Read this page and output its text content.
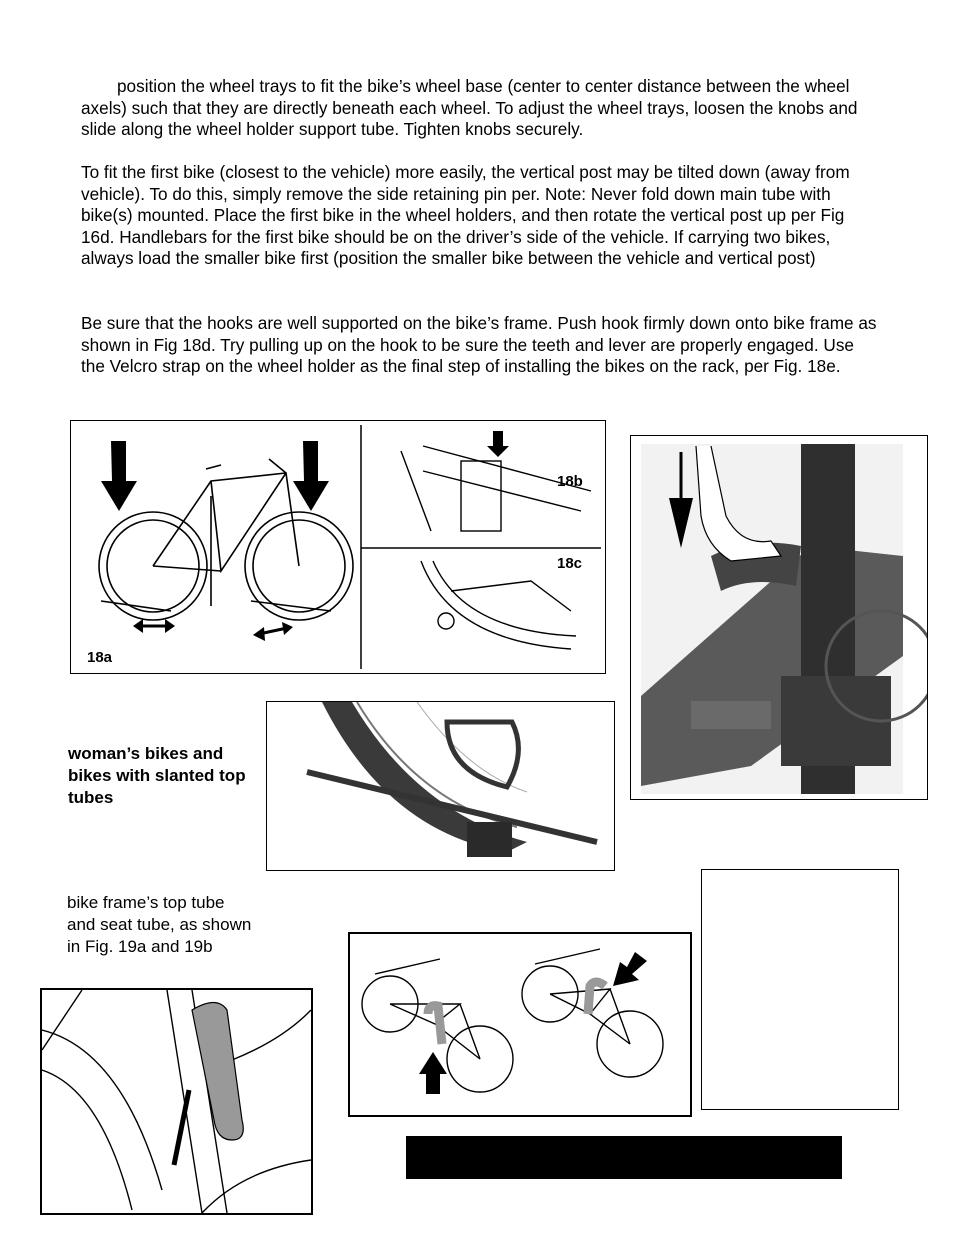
position the wheel trays to fit the bike’s wheel base (center to center distance between the wheel axels) such that they are directly beneath each wheel. To adjust the wheel trays, loosen the knobs and slide along the wheel holder support tube. Tighten knobs securely.

To fit the first bike (closest to the vehicle) more easily, the vertical post may be tilted down (away from vehicle). To do this, simply remove the side retaining pin per. Note: Never fold down main tube with bike(s) mounted. Place the first bike in the wheel holders, and then rotate the vertical post up per Fig 16d. Handlebars for the first bike should be on the driver’s side of the vehicle. If carrying two bikes, always load the smaller bike first (position the smaller bike between the vehicle and vertical post)

Be sure that the hooks are well supported on the bike’s frame. Push hook firmly down onto bike frame as shown in Fig 18d. Try pulling up on the hook to be sure the teeth and lever are properly engaged. Use the Velcro strap on the wheel holder as the final step of installing the bikes on the rack, per Fig. 18e.

18a
18b
18c
woman’s bikes and bikes with slanted top tubes
bike frame’s top tube and seat tube, as shown in Fig. 19a and 19b
